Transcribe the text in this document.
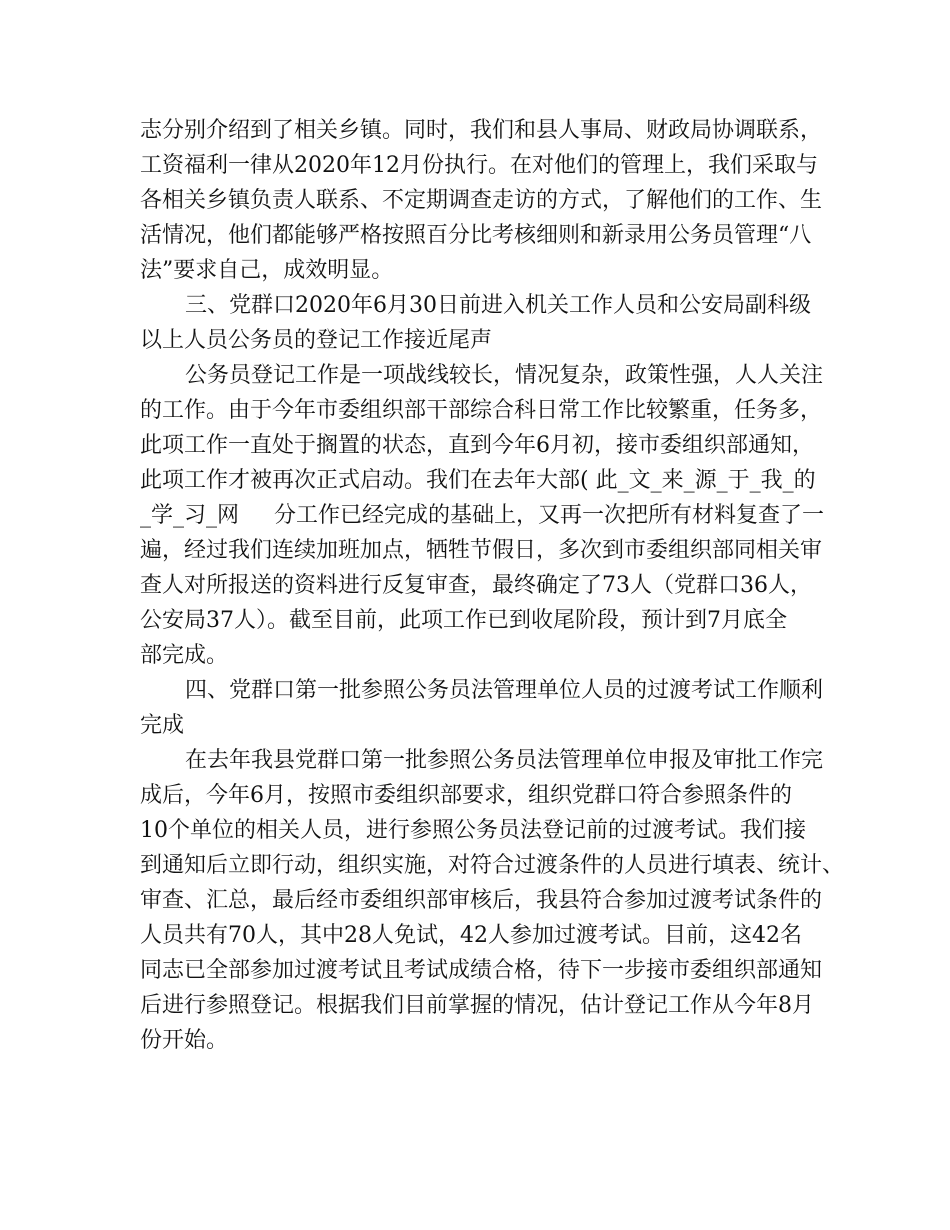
志分别介绍到了相关乡镇。同时，我们和县人事局、财政局协调联系，
工资福利一律从2020年12月份执行。在对他们的管理上，我们采取与
各相关乡镇负责人联系、不定期调查走访的方式，了解他们的工作、生
活情况，他们都能够严格按照百分比考核细则和新录用公务员管理“八
法”要求自己，成效明显。
三、党群口2020年6月30日前进入机关工作人员和公安局副科级
以上人员公务员的登记工作接近尾声
公务员登记工作是一项战线较长，情况复杂，政策性强，人人关注
的工作。由于今年市委组织部干部综合科日常工作比较繁重，任务多，
此项工作一直处于搁置的状态，直到今年6月初，接市委组织部通知，
此项工作才被再次正式启动。我们在去年大部( 此_文_来_源_于_我_的
_学_习_网     分工作已经完成的基础上，又再一次把所有材料复查了一
遍，经过我们连续加班加点，牺牲节假日，多次到市委组织部同相关审
查人对所报送的资料进行反复审查，最终确定了73人（党群口36人，
公安局37人）。截至目前，此项工作已到收尾阶段，预计到7月底全
部完成。
四、党群口第一批参照公务员法管理单位人员的过渡考试工作顺利
完成
在去年我县党群口第一批参照公务员法管理单位申报及审批工作完
成后，今年6月，按照市委组织部要求，组织党群口符合参照条件的
10个单位的相关人员，进行参照公务员法登记前的过渡考试。我们接
到通知后立即行动，组织实施，对符合过渡条件的人员进行填表、统计、
审查、汇总，最后经市委组织部审核后，我县符合参加过渡考试条件的
人员共有70人，其中28人免试，42人参加过渡考试。目前，这42名
同志已全部参加过渡考试且考试成绩合格，待下一步接市委组织部通知
后进行参照登记。根据我们目前掌握的情况，估计登记工作从今年8月
份开始。
